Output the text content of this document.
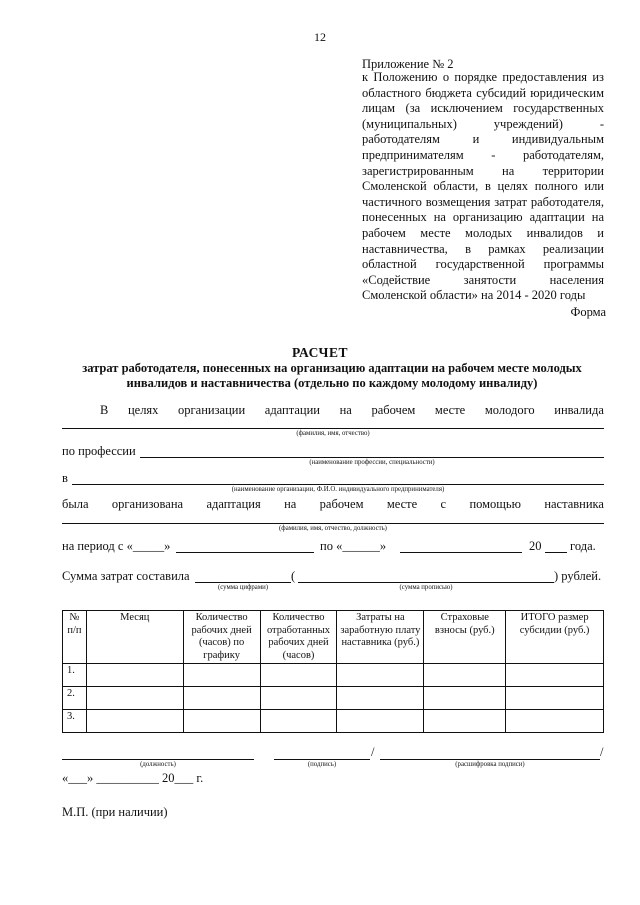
12
Приложение № 2
к Положению о порядке предоставления из областного бюджета субсидий юридическим лицам (за исключением государственных (муниципальных) учреждений) - работодателям и индивидуальным предпринимателям - работодателям, зарегистрированным на территории Смоленской области, в целях полного или частичного возмещения затрат работодателя, понесенных на организацию адаптации на рабочем месте молодых инвалидов и наставничества, в рамках реализации областной государственной программы «Содействие занятости населения Смоленской области» на 2014 - 2020 годы
Форма
РАСЧЕТ
затрат работодателя, понесенных на организацию адаптации на рабочем месте молодых инвалидов и наставничества (отдельно по каждому молодому инвалиду)
В целях организации адаптации на рабочем месте молодого инвалида
(фамилия, имя, отчество)
по профессии
(наименование профессии, специальности)
в
(наименование организации, Ф.И.О. индивидуального предпринимателя)
была организована адаптация на рабочем месте с помощью наставника
(фамилия, имя, отчество, должность)
на период с «_____»	по «______»	20 года.
Сумма затрат составила	(	) рублей.
(сумма цифрами)	(сумма прописью)
№ п/п	Месяц	Количество рабочих дней (часов) по графику	Количество отработанных рабочих дней (часов)	Затраты на заработную плату наставника (руб.)	Страховые взносы (руб.)	ИТОГО размер субсидии (руб.)
1.						
2.						
3.						
(должность)	(подпись)
/
(расшифровка подписи)
/
«___» __________ 20___ г.
М.П. (при наличии)
